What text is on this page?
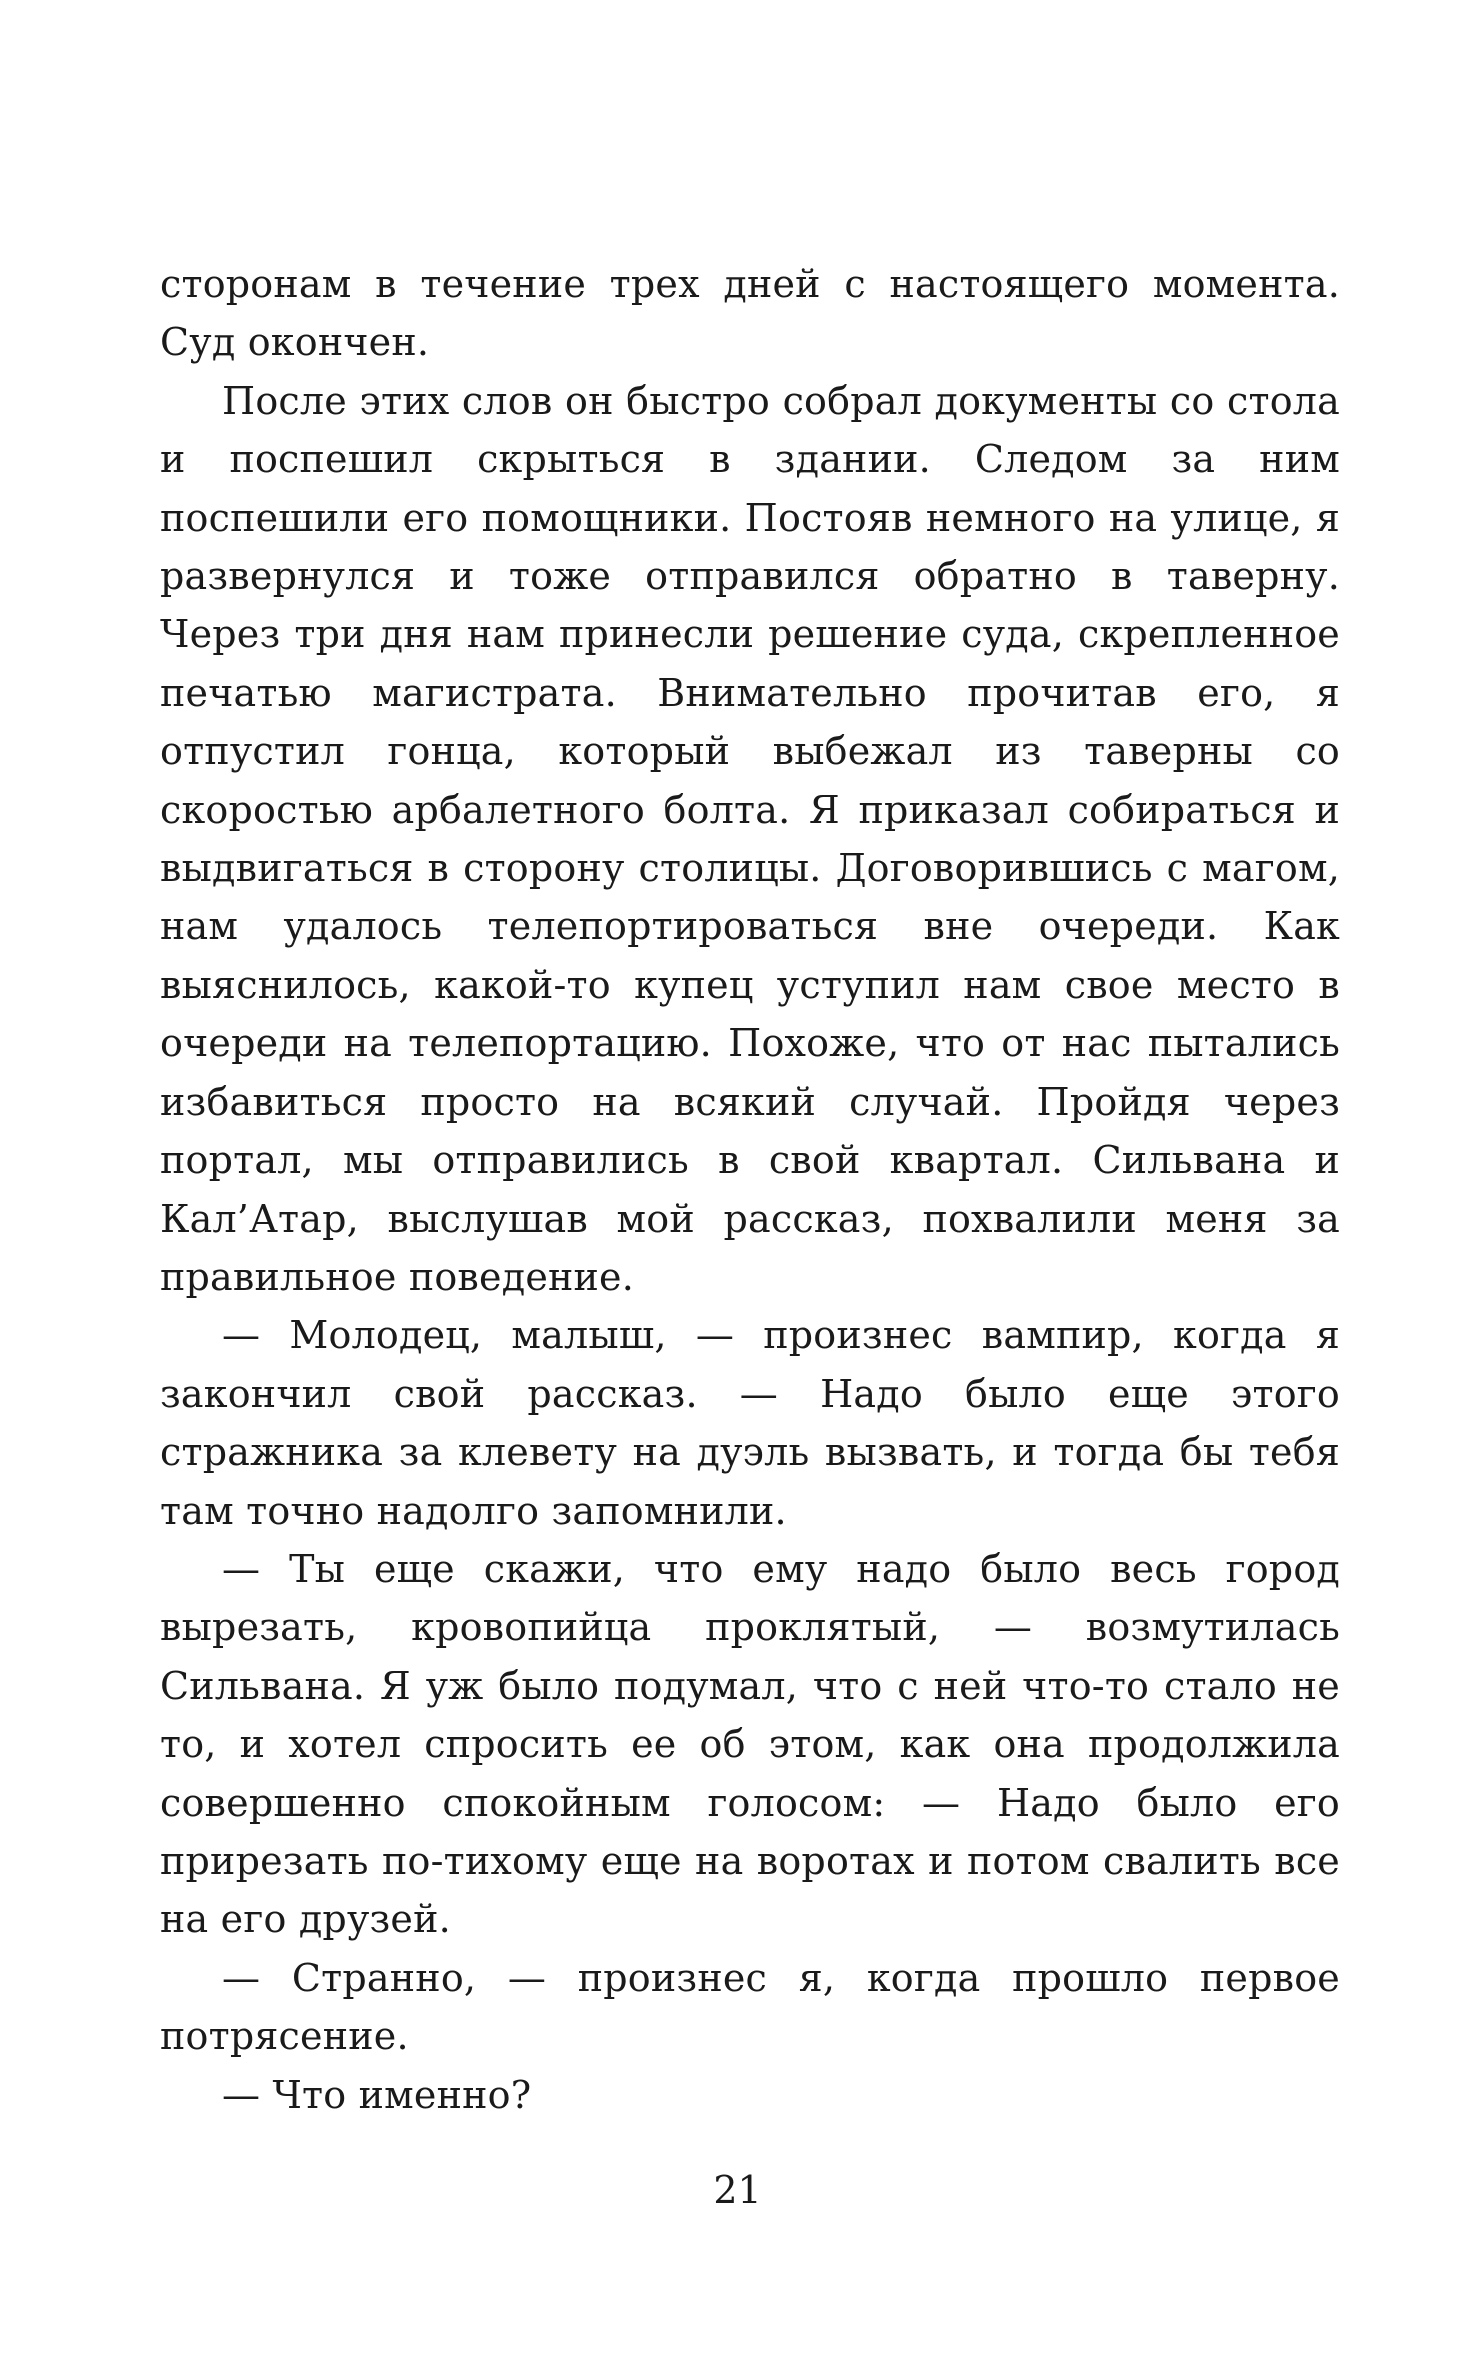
сторонам в течение трех дней с настоящего момента. Суд окончен.

После этих слов он быстро собрал документы со стола и поспешил скрыться в здании. Следом за ним поспешили его помощники. Постояв немного на улице, я развернулся и тоже отправился обратно в таверну. Через три дня нам принесли решение суда, скрепленное печатью магистрата. Внимательно прочитав его, я отпустил гонца, который выбежал из таверны со скоростью арбалетного болта. Я приказал собираться и выдвигаться в сторону столицы. Договорившись с магом, нам удалось телепортироваться вне очереди. Как выяснилось, какой-то купец уступил нам свое место в очереди на телепортацию. Похоже, что от нас пытались избавиться просто на всякий случай. Пройдя через портал, мы отправились в свой квартал. Сильвана и Кал’Атар, выслушав мой рассказ, похвалили меня за правильное поведение.

— Молодец, малыш, — произнес вампир, когда я закончил свой рассказ. — Надо было еще этого стражника за клевету на дуэль вызвать, и тогда бы тебя там точно надолго запомнили.

— Ты еще скажи, что ему надо было весь город вырезать, кровопийца проклятый, — возмутилась Сильвана. Я уж было подумал, что с ней что-то стало не то, и хотел спросить ее об этом, как она продолжила совершенно спокойным голосом: — Надо было его прирезать по-тихому еще на воротах и потом свалить все на его друзей.

— Странно, — произнес я, когда прошло первое потрясение.

— Что именно?

21
